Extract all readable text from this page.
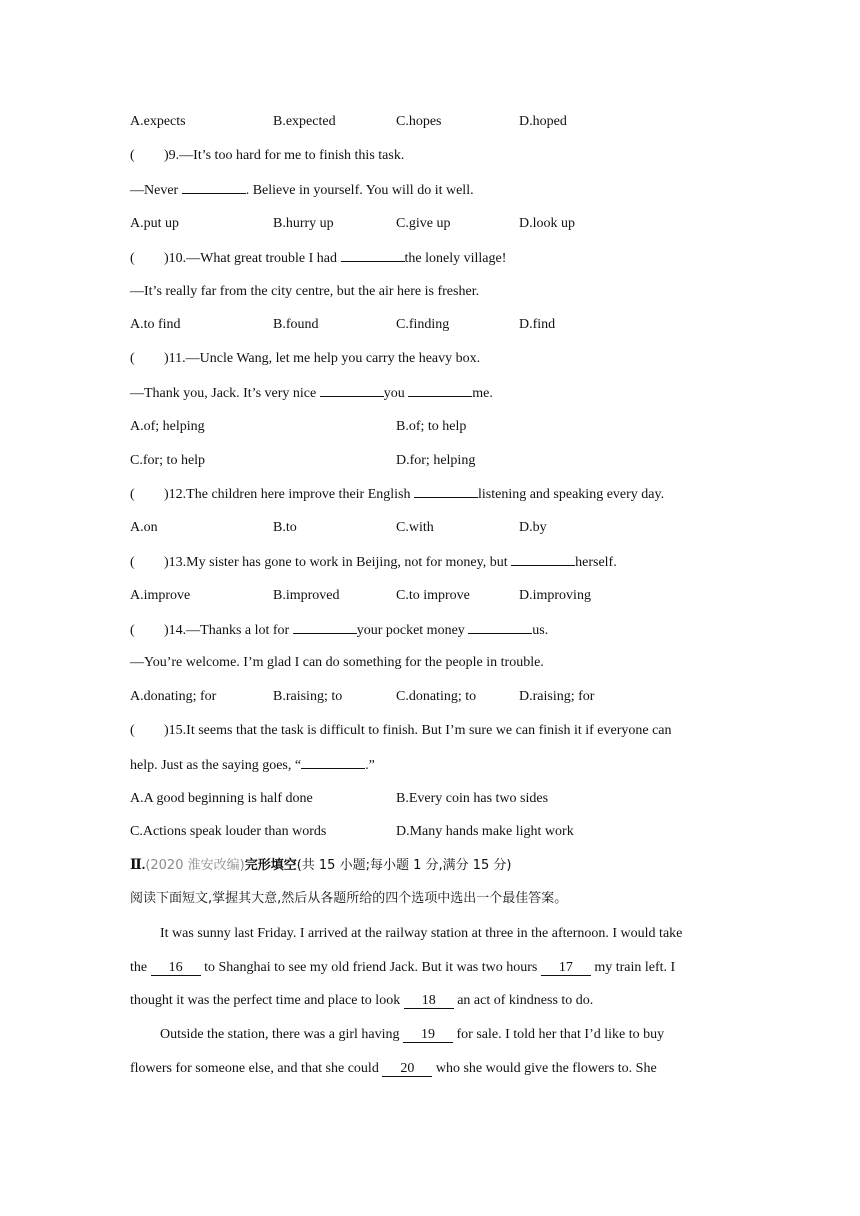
A.expects	B.expected	C.hopes	D.hoped
( )9.—It’s too hard for me to finish this task.
—Never	. Believe in yourself. You will do it well.
A.put up	B.hurry up	C.give up	D.look up
( )10.—What great trouble I had	the lonely village!
—It’s really far from the city centre, but the air here is fresher.
A.to find	B.found	C.finding	D.find
( )11.—Uncle Wang, let me help you carry the heavy box.
—Thank you, Jack. It’s very nice	you	me.
A.of; helping	B.of; to help
C.for; to help	D.for; helping
( )12.The children here improve their English	listening and speaking every day.
A.on	B.to	C.with	D.by
( )13.My sister has gone to work in Beijing, not for money, but	herself.
A.improve	B.improved	C.to improve	D.improving
( )14.—Thanks a lot for	your pocket money	us.
—You’re welcome. I’m glad I can do something for the people in trouble.
A.donating; for	B.raising; to	C.donating; to	D.raising; for
( )15.It seems that the task is difficult to finish. But I’m sure we can finish it if everyone can
help. Just as the saying goes, “	.”
A.A good beginning is half done	B.Every coin has two sides
C.Actions speak louder than words	D.Many hands make light work
Ⅱ.(2020 淮安改编)完形填空(共 15 小题;每小题 1 分,满分 15 分)
阅读下面短文,掌握其大意,然后从各题所给的四个选项中选出一个最佳答案。
It was sunny last Friday. I arrived at the railway station at three in the afternoon. I would take
the 16 to Shanghai to see my old friend Jack. But it was two hours 17 my train left. I
thought it was the perfect time and place to look 18 an act of kindness to do.
Outside the station, there was a girl having 19 for sale. I told her that I’d like to buy
flowers for someone else, and that she could 20 who she would give the flowers to. She
